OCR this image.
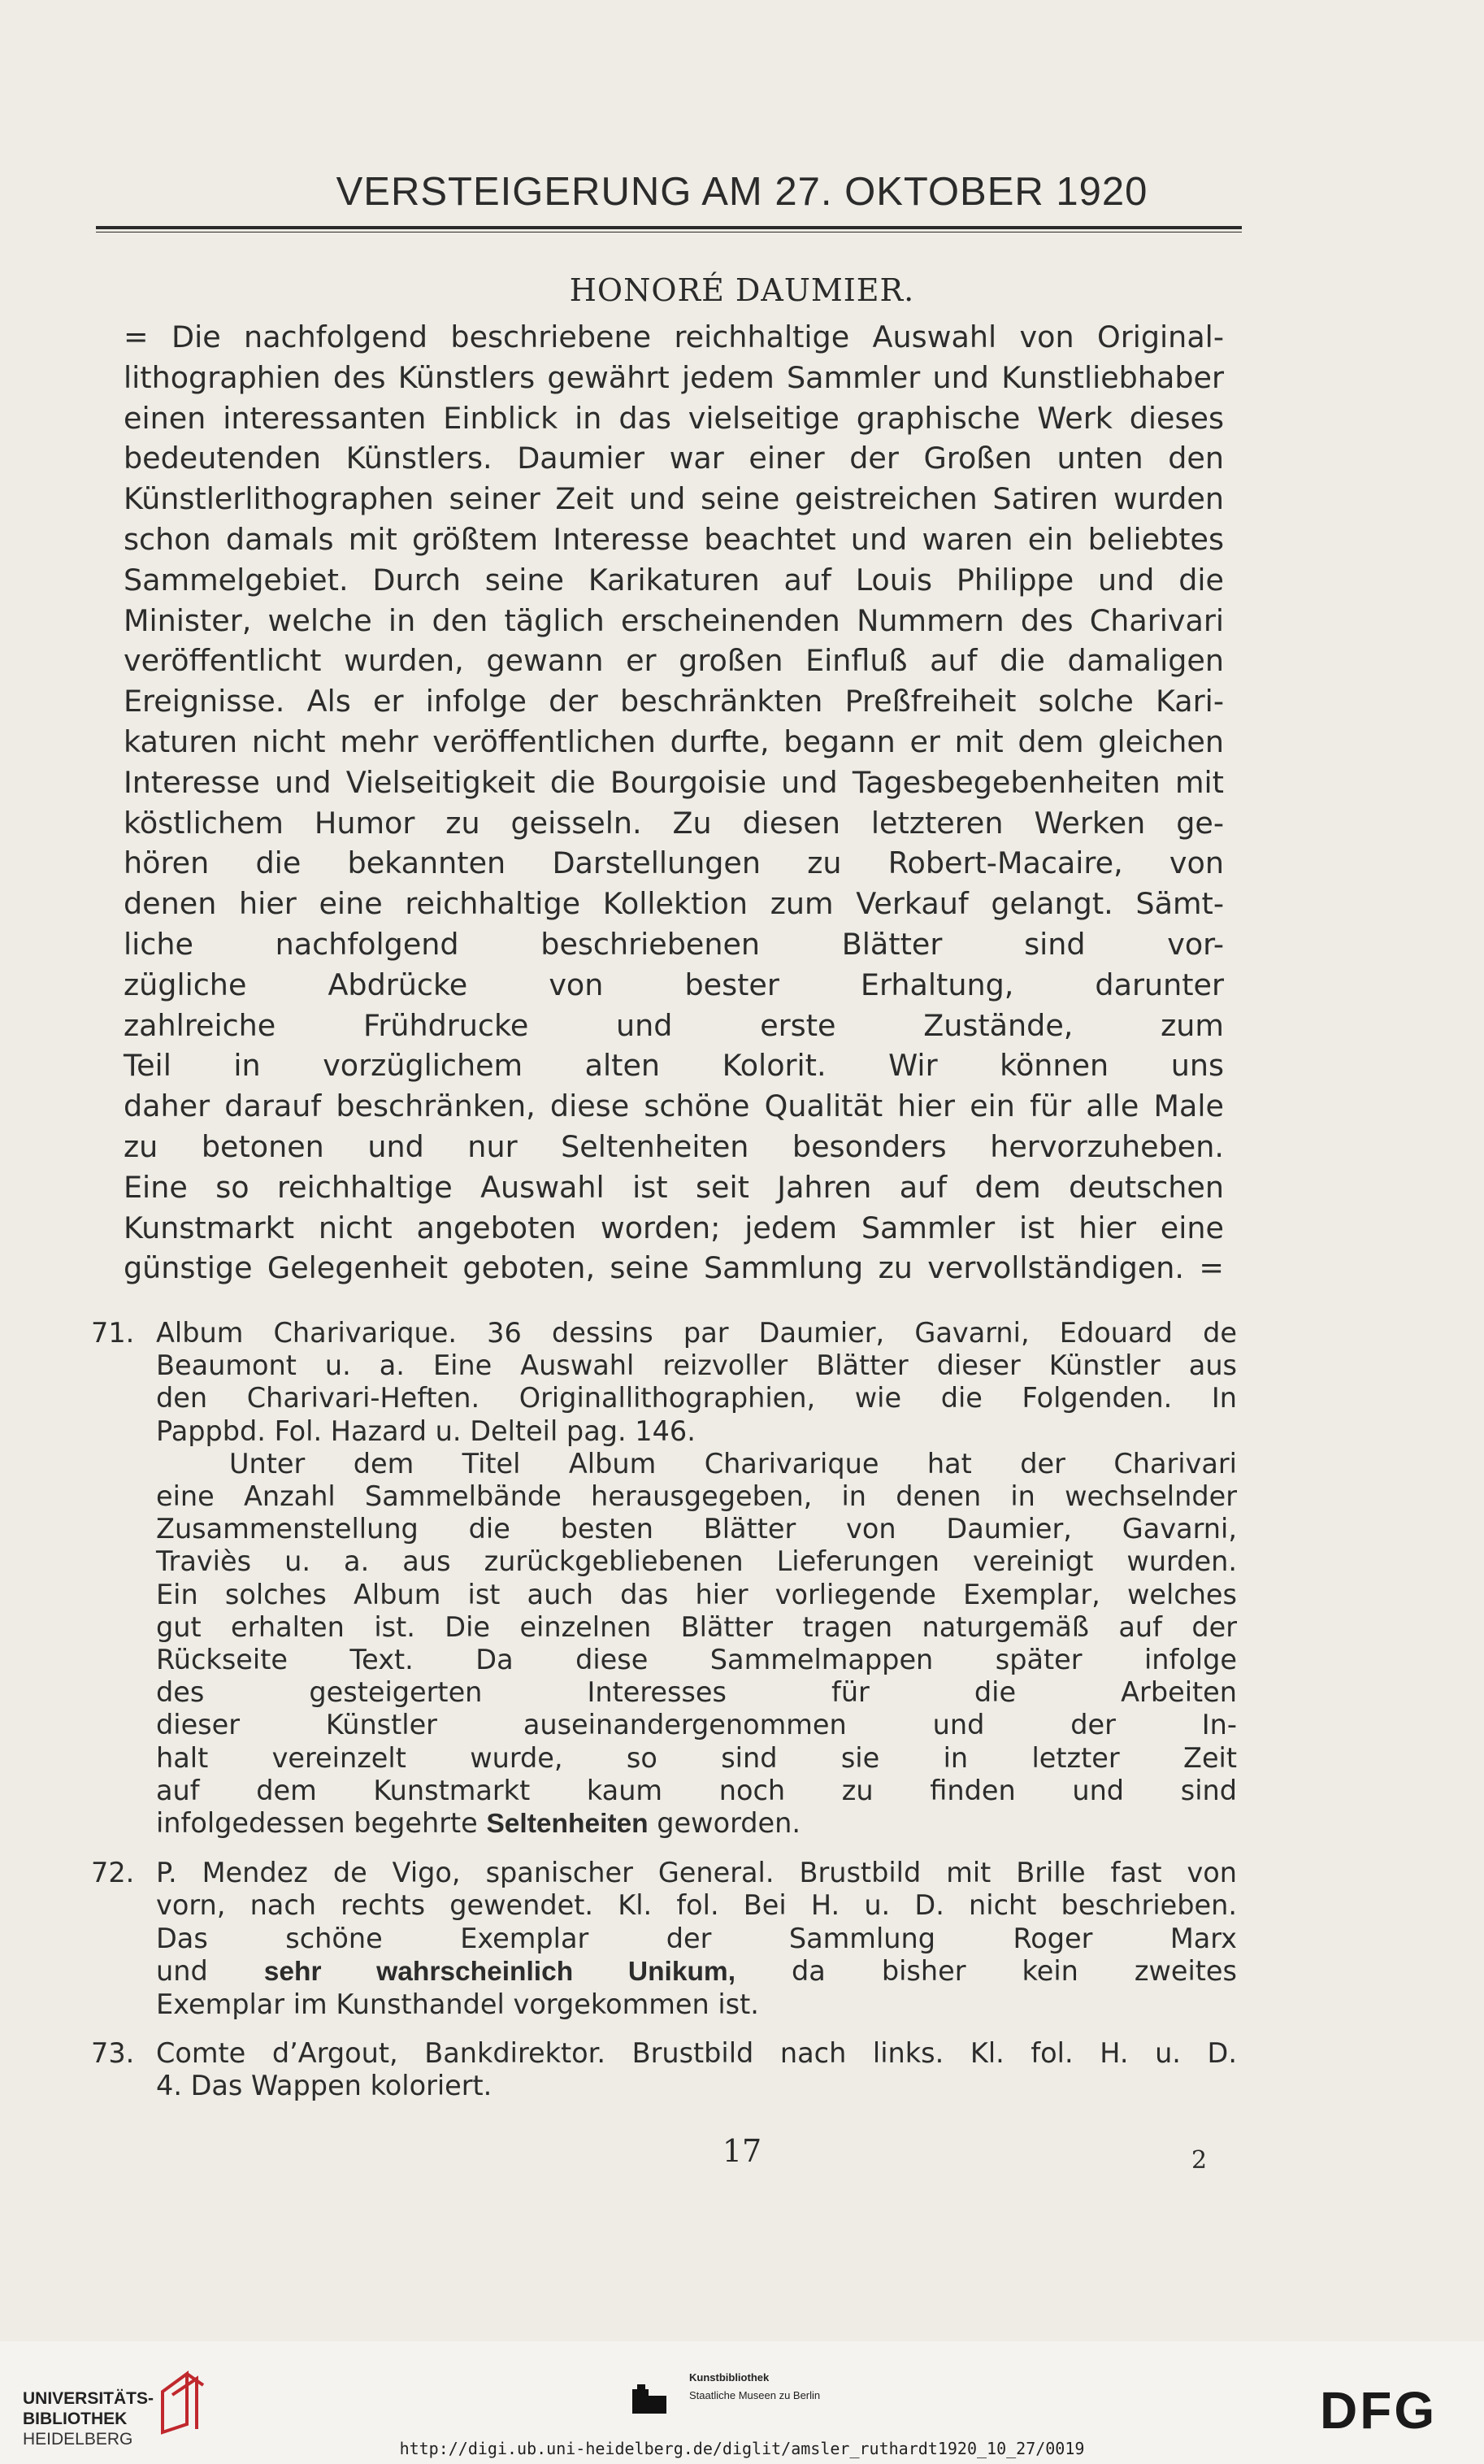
VERSTEIGERUNG AM 27. OKTOBER 1920
HONORÉ DAUMIER.
= Die nachfolgend beschriebene reichhaltige Auswahl von Original-
lithographien des Künstlers gewährt jedem Sammler und Kunstliebhaber
einen interessanten Einblick in das vielseitige graphische Werk dieses
bedeutenden Künstlers. Daumier war einer der Großen unten den
Künstlerlithographen seiner Zeit und seine geistreichen Satiren wurden
schon damals mit größtem Interesse beachtet und waren ein beliebtes
Sammelgebiet. Durch seine Karikaturen auf Louis Philippe und die
Minister, welche in den täglich erscheinenden Nummern des Charivari
veröffentlicht wurden, gewann er großen Einfluß auf die damaligen
Ereignisse. Als er infolge der beschränkten Preßfreiheit solche Kari-
katuren nicht mehr veröffentlichen durfte, begann er mit dem gleichen
Interesse und Vielseitigkeit die Bourgoisie und Tagesbegebenheiten mit
köstlichem Humor zu geisseln. Zu diesen letzteren Werken ge-
hören die bekannten Darstellungen zu Robert-Macaire, von
denen hier eine reichhaltige Kollektion zum Verkauf gelangt. Sämt-
liche nachfolgend beschriebenen Blätter sind vor-
zügliche Abdrücke von bester Erhaltung, darunter
zahlreiche Frühdrucke und erste Zustände, zum
Teil in vorzüglichem alten Kolorit. Wir können uns
daher darauf beschränken, diese schöne Qualität hier ein für alle Male
zu betonen und nur Seltenheiten besonders hervorzuheben.
Eine so reichhaltige Auswahl ist seit Jahren auf dem deutschen
Kunstmarkt nicht angeboten worden; jedem Sammler ist hier eine
günstige Gelegenheit geboten, seine Sammlung zu vervollständigen. =
71. Album Charivarique. 36 dessins par Daumier, Gavarni, Edouard de
Beaumont u. a. Eine Auswahl reizvoller Blätter dieser Künstler aus
den Charivari-Heften. Originallithographien, wie die Folgenden. In
Pappbd. Fol. Hazard u. Delteil pag. 146.
Unter dem Titel Album Charivarique hat der Charivari
eine Anzahl Sammelbände herausgegeben, in denen in wechselnder
Zusammenstellung die besten Blätter von Daumier, Gavarni,
Traviès u. a. aus zurückgebliebenen Lieferungen vereinigt wurden.
Ein solches Album ist auch das hier vorliegende Exemplar, welches
gut erhalten ist. Die einzelnen Blätter tragen naturgemäß auf der
Rückseite Text. Da diese Sammelmappen später infolge
des gesteigerten Interesses für die Arbeiten
dieser Künstler auseinandergenommen und der In-
halt vereinzelt wurde, so sind sie in letzter Zeit
auf dem Kunstmarkt kaum noch zu finden und sind
infolgedessen begehrte Seltenheiten geworden.
72. P. Mendez de Vigo, spanischer General. Brustbild mit Brille fast von
vorn, nach rechts gewendet. Kl. fol. Bei H. u. D. nicht beschrieben.
Das schöne Exemplar der Sammlung Roger Marx
und sehr wahrscheinlich Unikum, da bisher kein zweites
Exemplar im Kunsthandel vorgekommen ist.
73. Comte d’Argout, Bankdirektor. Brustbild nach links. Kl. fol. H. u. D.
4. Das Wappen koloriert.
17	2
UNIVERSITÄTS-
BIBLIOTHEK
HEIDELBERG
Kunstbibliothek
Staatliche Museen zu Berlin	DFG
http://digi.ub.uni-heidelberg.de/diglit/amsler_ruthardt1920_10_27/0019
